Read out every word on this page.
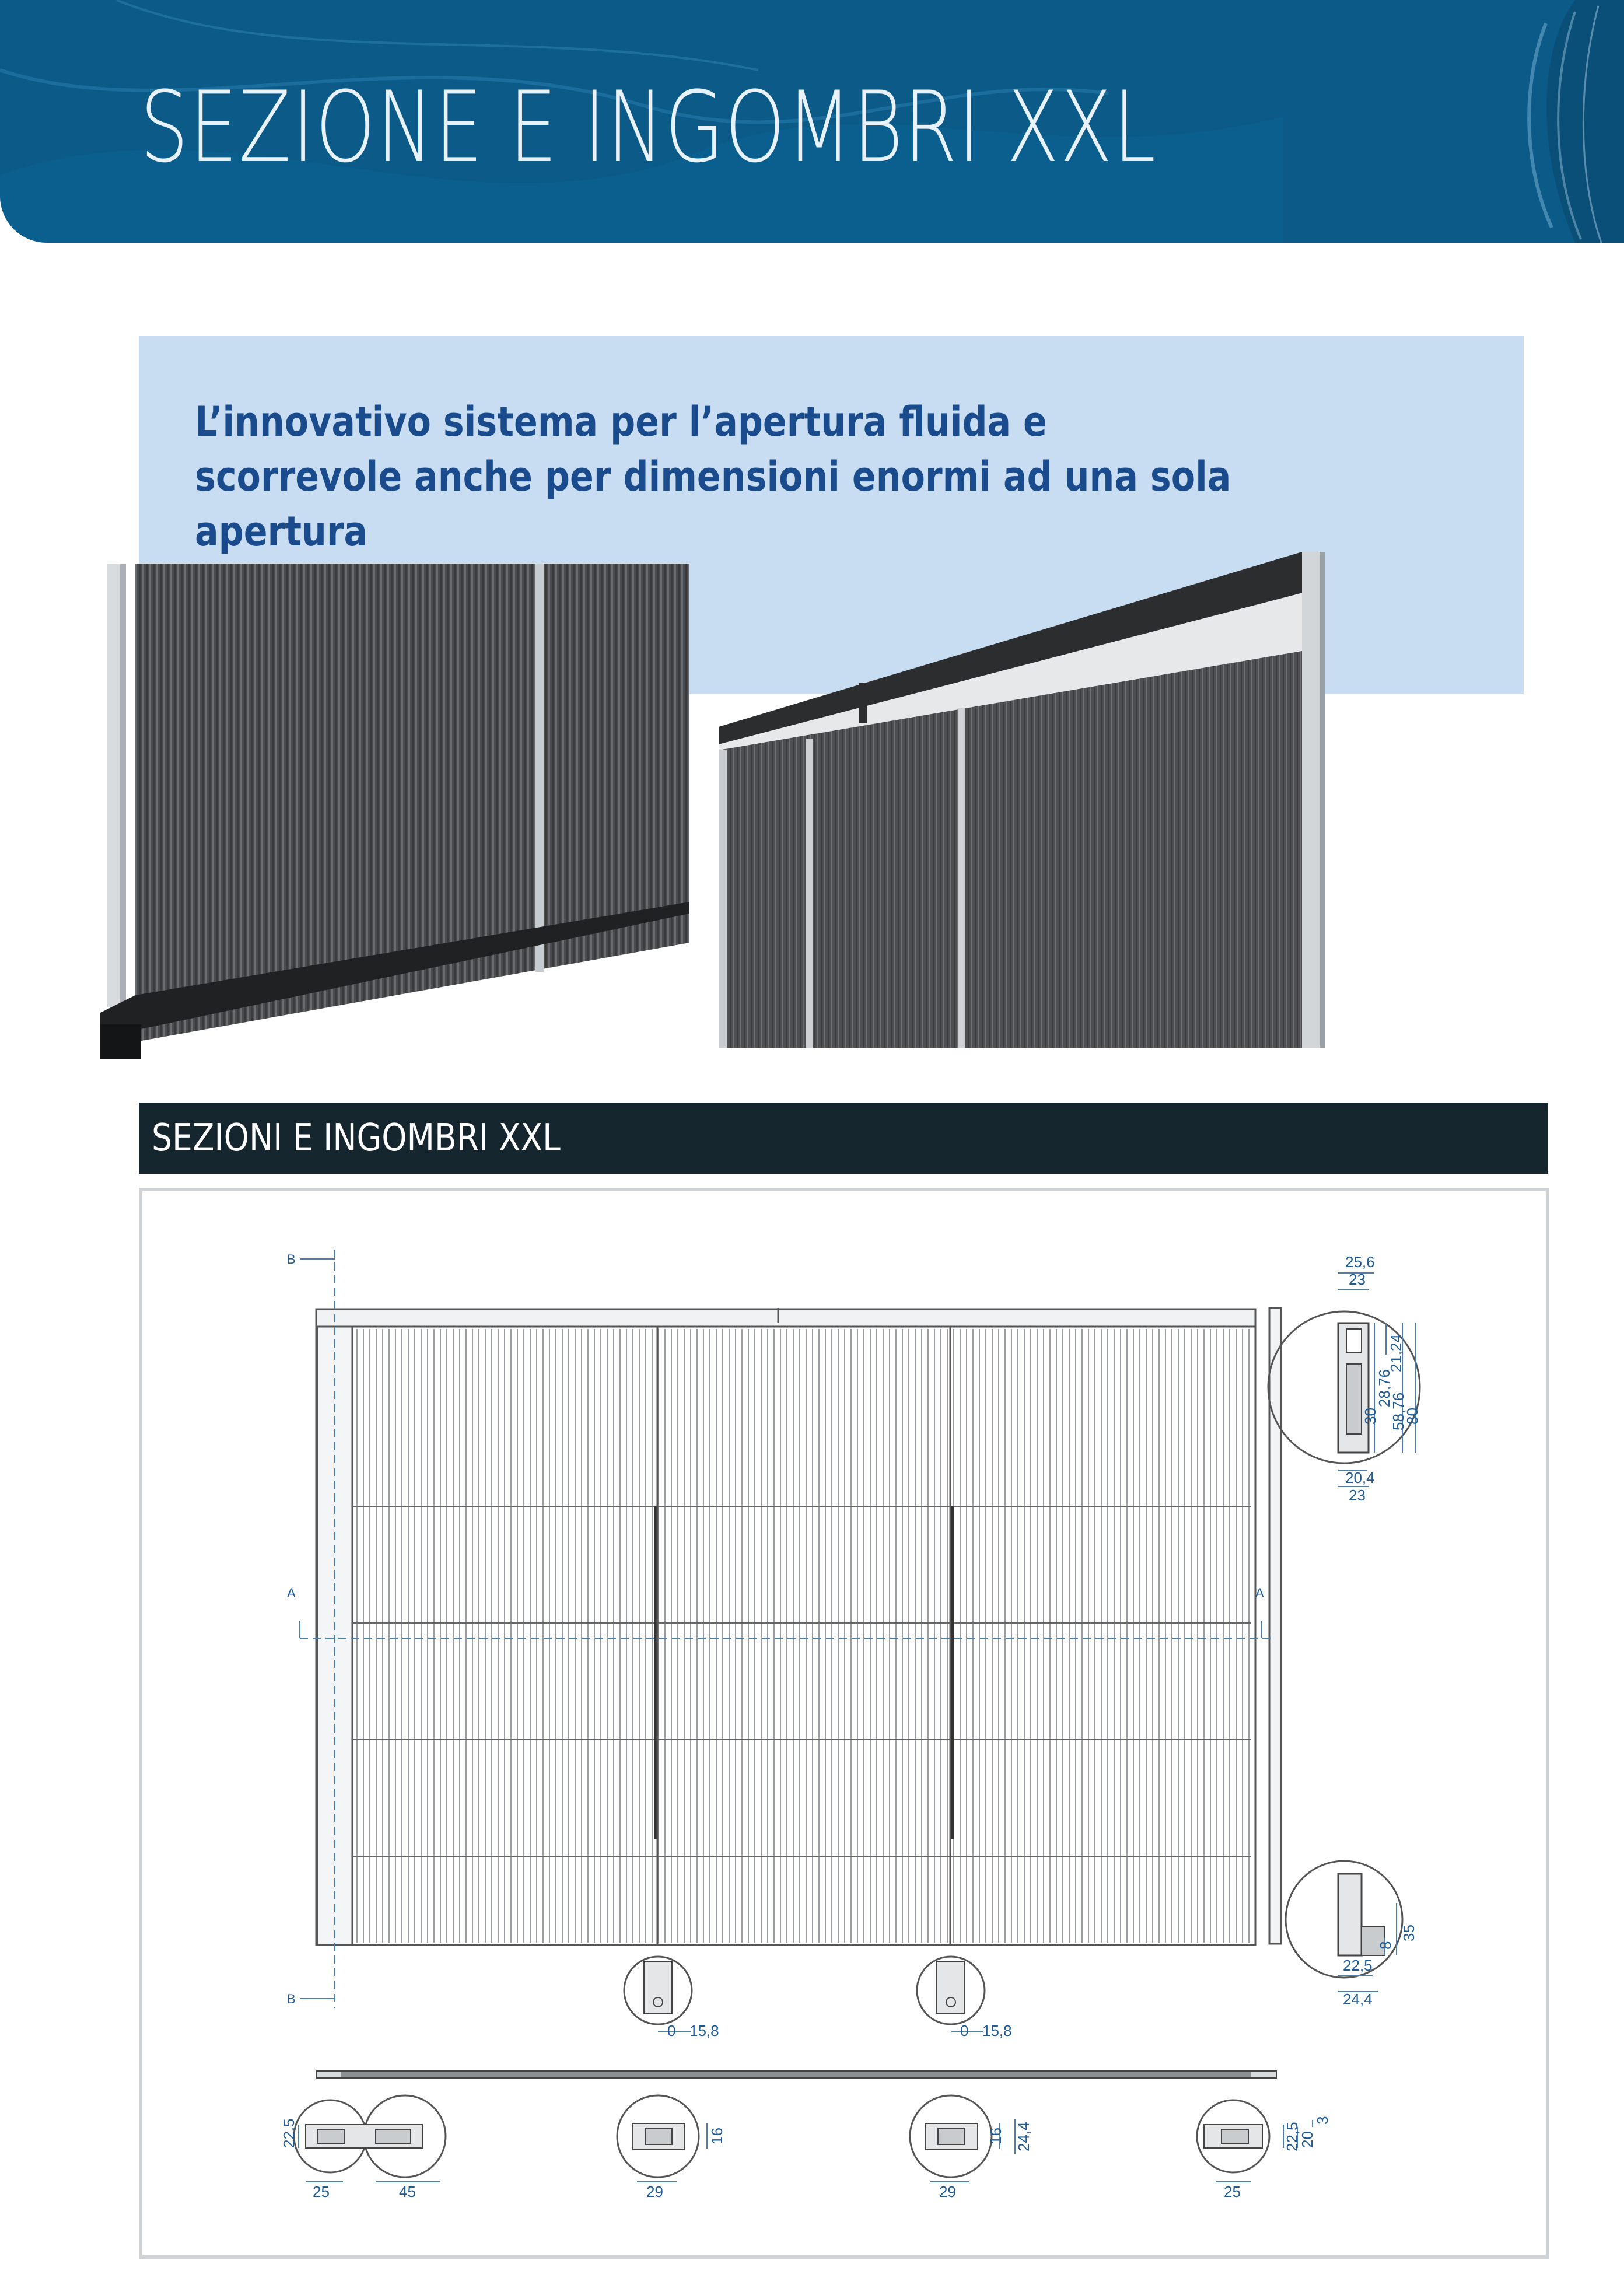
SEZIONE E INGOMBRI XXL

L’innovativo sistema per l’apertura fluida e scorrevole anche per dimensioni enormi ad una sola apertura

SEZIONI E INGOMBRI XXL
B
B
A	A
25,6
23
21,24
28,76
58,76
30 80
20,4
23
35
8
22,5
24,4
0 15,8	0 15,8
22,5
25	45
16
29
16 24,4
29
3
20
22,5
25
